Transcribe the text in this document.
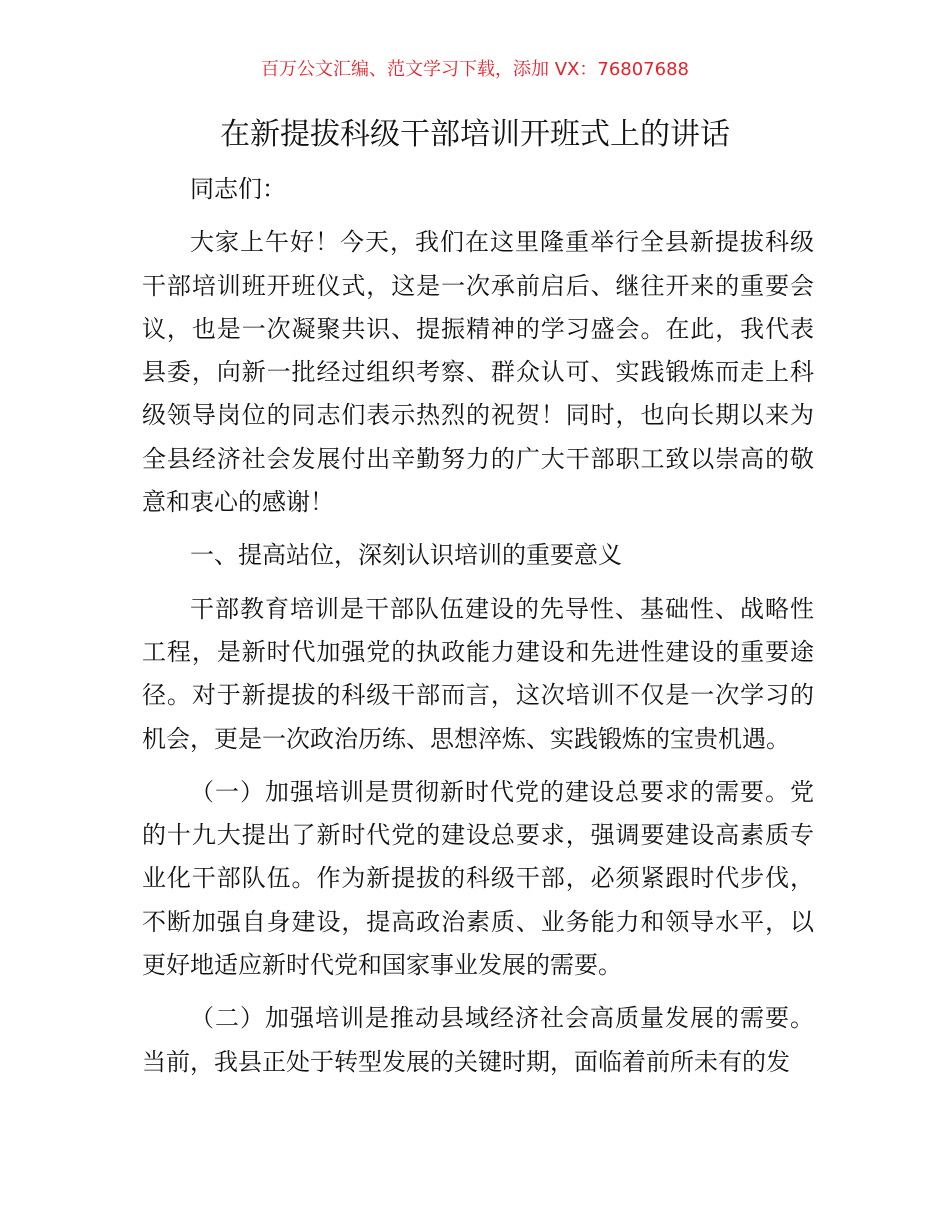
百万公文汇编、范文学习下载，添加 VX：76807688
在新提拔科级干部培训开班式上的讲话
同志们：
大家上午好！今天，我们在这里隆重举行全县新提拔科级
干部培训班开班仪式，这是一次承前启后、继往开来的重要会
议，也是一次凝聚共识、提振精神的学习盛会。在此，我代表
县委，向新一批经过组织考察、群众认可、实践锻炼而走上科
级领导岗位的同志们表示热烈的祝贺！同时，也向长期以来为
全县经济社会发展付出辛勤努力的广大干部职工致以崇高的敬
意和衷心的感谢！
一、提高站位，深刻认识培训的重要意义
干部教育培训是干部队伍建设的先导性、基础性、战略性
工程，是新时代加强党的执政能力建设和先进性建设的重要途
径。对于新提拔的科级干部而言，这次培训不仅是一次学习的
机会，更是一次政治历练、思想淬炼、实践锻炼的宝贵机遇。
（一）加强培训是贯彻新时代党的建设总要求的需要。党
的十九大提出了新时代党的建设总要求，强调要建设高素质专
业化干部队伍。作为新提拔的科级干部，必须紧跟时代步伐，
不断加强自身建设，提高政治素质、业务能力和领导水平，以
更好地适应新时代党和国家事业发展的需要。
（二）加强培训是推动县域经济社会高质量发展的需要。
当前，我县正处于转型发展的关键时期，面临着前所未有的发
